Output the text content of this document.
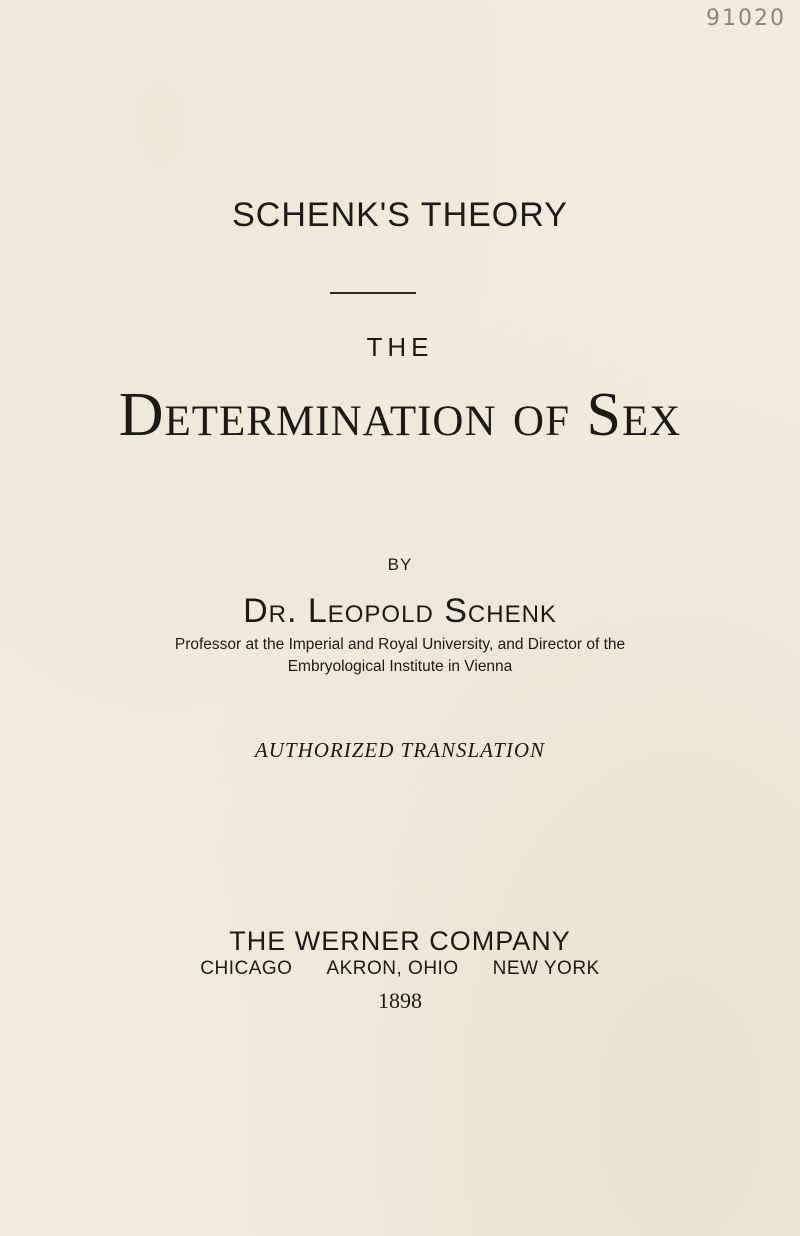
91020
SCHENK'S THEORY
THE
Determination of Sex
BY
Dr. Leopold Schenk
Professor at the Imperial and Royal University, and Director of the
Embryological Institute in Vienna
AUTHORIZED TRANSLATION
THE WERNER COMPANY
CHICAGO AKRON, OHIO NEW YORK
1898
